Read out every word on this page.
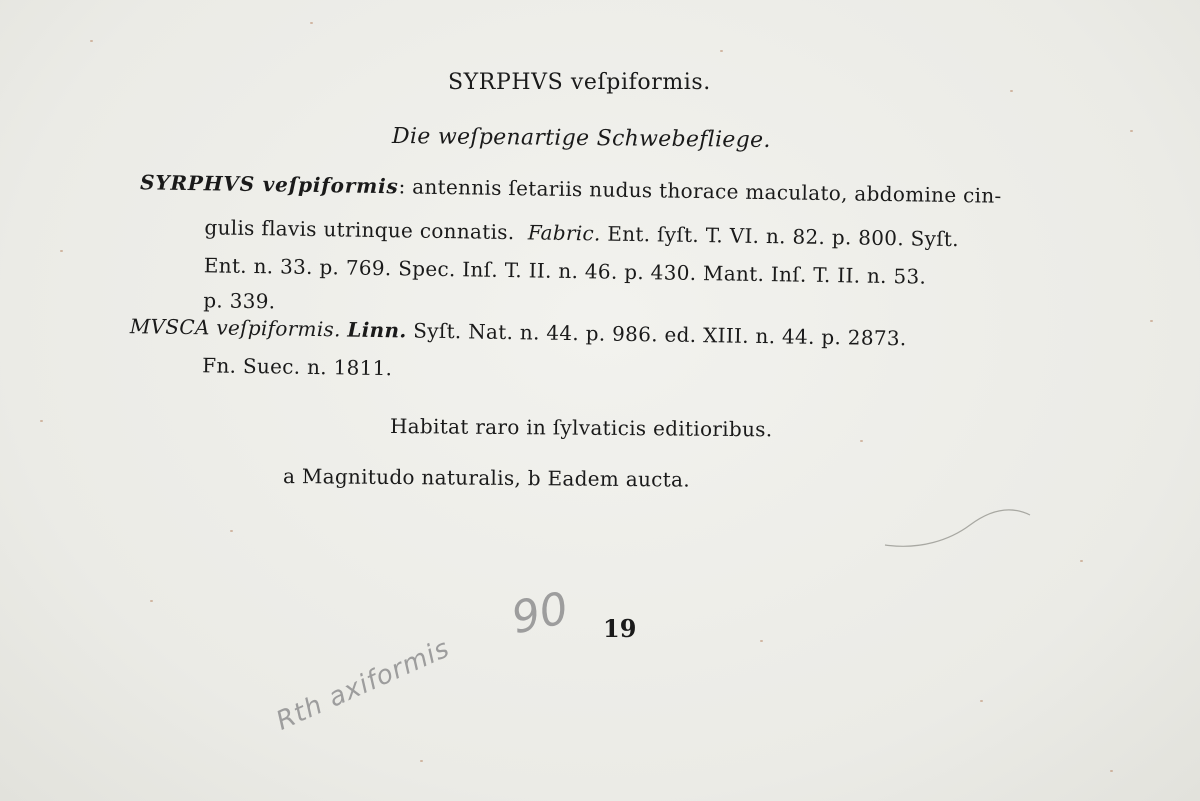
SYRPHVS veſpiformis.
Die weſpenartige Schwebefliege.
SYRPHVS veſpiformis: antennis ſetariis nudus thorace maculato, abdomine cin-
gulis flavis utrinque connatis. Fabric. Ent. ſyſt. T. VI. n. 82. p. 800. Syſt.
Ent. n. 33. p. 769. Spec. Inſ. T. II. n. 46. p. 430. Mant. Inſ. T. II. n. 53.
p. 339.
MVSCA veſpiformis. Linn. Syſt. Nat. n. 44. p. 986. ed. XIII. n. 44. p. 2873.
Fn. Suec. n. 1811.
Habitat raro in ſylvaticis editioribus.
a Magnitudo naturalis, b Eadem aucta.
19
90
Rth axiformis
